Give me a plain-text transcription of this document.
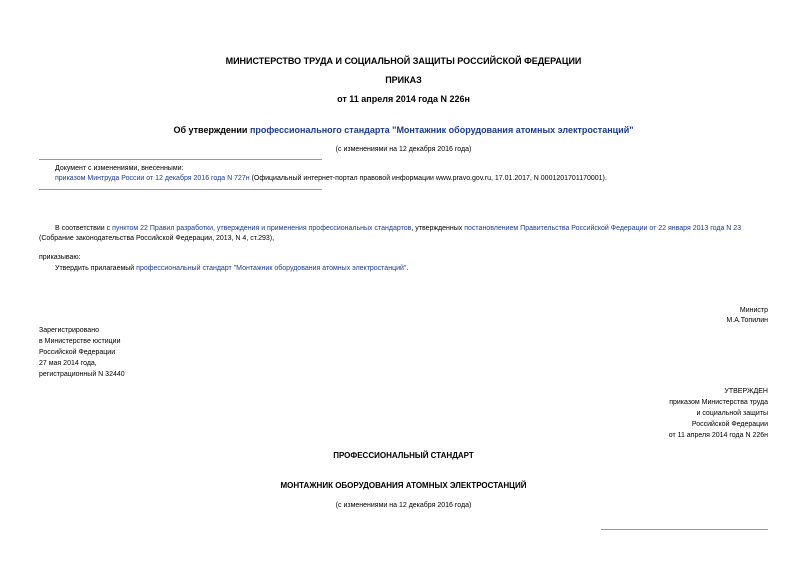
МИНИСТЕРСТВО ТРУДА И СОЦИАЛЬНОЙ ЗАЩИТЫ РОССИЙСКОЙ ФЕДЕРАЦИИ
ПРИКАЗ
от 11 апреля 2014 года N 226н
Об утверждении профессионального стандарта "Монтажник оборудования атомных электростанций"
(с изменениями на 12 декабря 2016 года)
Документ с изменениями, внесенными:
приказом Минтруда России от 12 декабря 2016 года N 727н (Официальный интернет-портал правовой информации www.pravo.gov.ru, 17.01.2017, N 0001201701170001).
В соответствии с пунктом 22 Правил разработки, утверждения и применения профессиональных стандартов, утвержденных постановлением Правительства Российской Федерации от 22 января 2013 года N 23
(Собрание законодательства Российской Федерации, 2013, N 4, ст.293),
приказываю:
Утвердить прилагаемый профессиональный стандарт "Монтажник оборудования атомных электростанций".
Министр
М.А.Топилин
Зарегистрировано
в Министерстве юстиции
Российской Федерации
27 мая 2014 года,
регистрационный N 32440
УТВЕРЖДЕН
приказом Министерства труда
и социальной защиты
Российской Федерации
от 11 апреля 2014 года N 226н
ПРОФЕССИОНАЛЬНЫЙ СТАНДАРТ
МОНТАЖНИК ОБОРУДОВАНИЯ АТОМНЫХ ЭЛЕКТРОСТАНЦИЙ
(с изменениями на 12 декабря 2016 года)
